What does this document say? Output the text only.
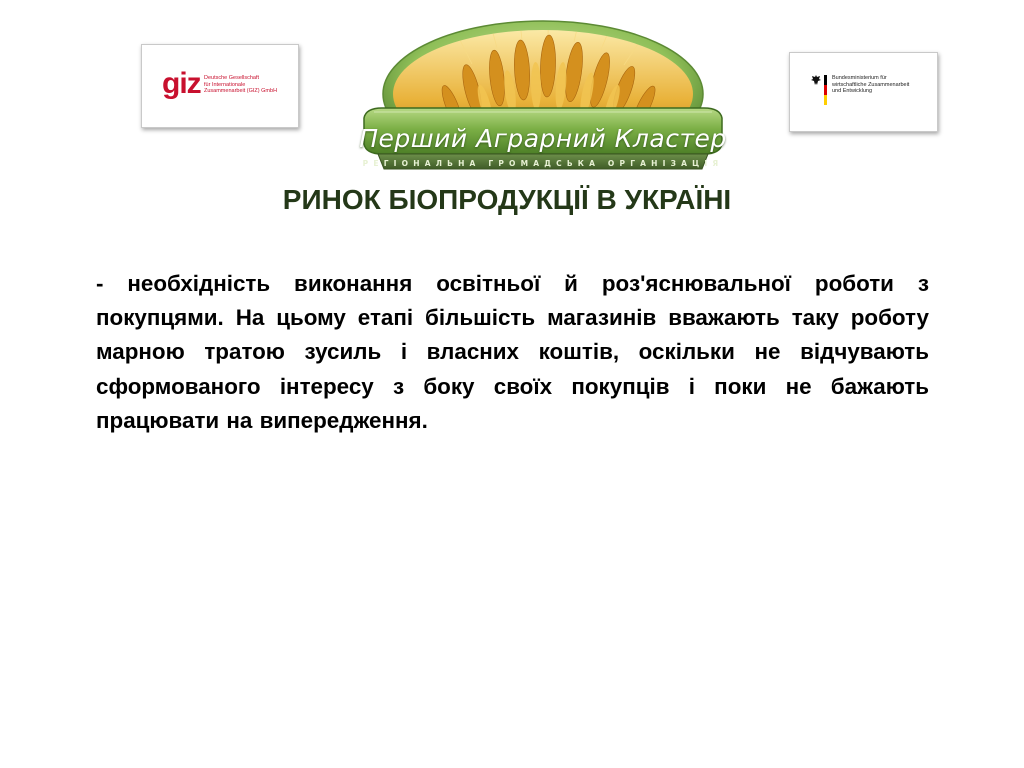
giz Deutsche Gesellschaft
für Internationale
Zusammenarbeit (GIZ) GmbH
Перший Аграрний Кластер
РЕГІОНАЛЬНА ГРОМАДСЬКА ОРГАНІЗАЦІЯ
Bundesministerium für
wirtschaftliche Zusammenarbeit
und Entwicklung
РИНОК БІОПРОДУКЦІЇ В УКРАЇНІ

- необхідність виконання освітньої й роз'яснювальної роботи з покупцями. На цьому етапі більшість магазинів вважають таку роботу марною тратою зусиль і власних коштів, оскільки не відчувають сформованого інтересу з боку своїх покупців і поки не бажають працювати на випередження.
